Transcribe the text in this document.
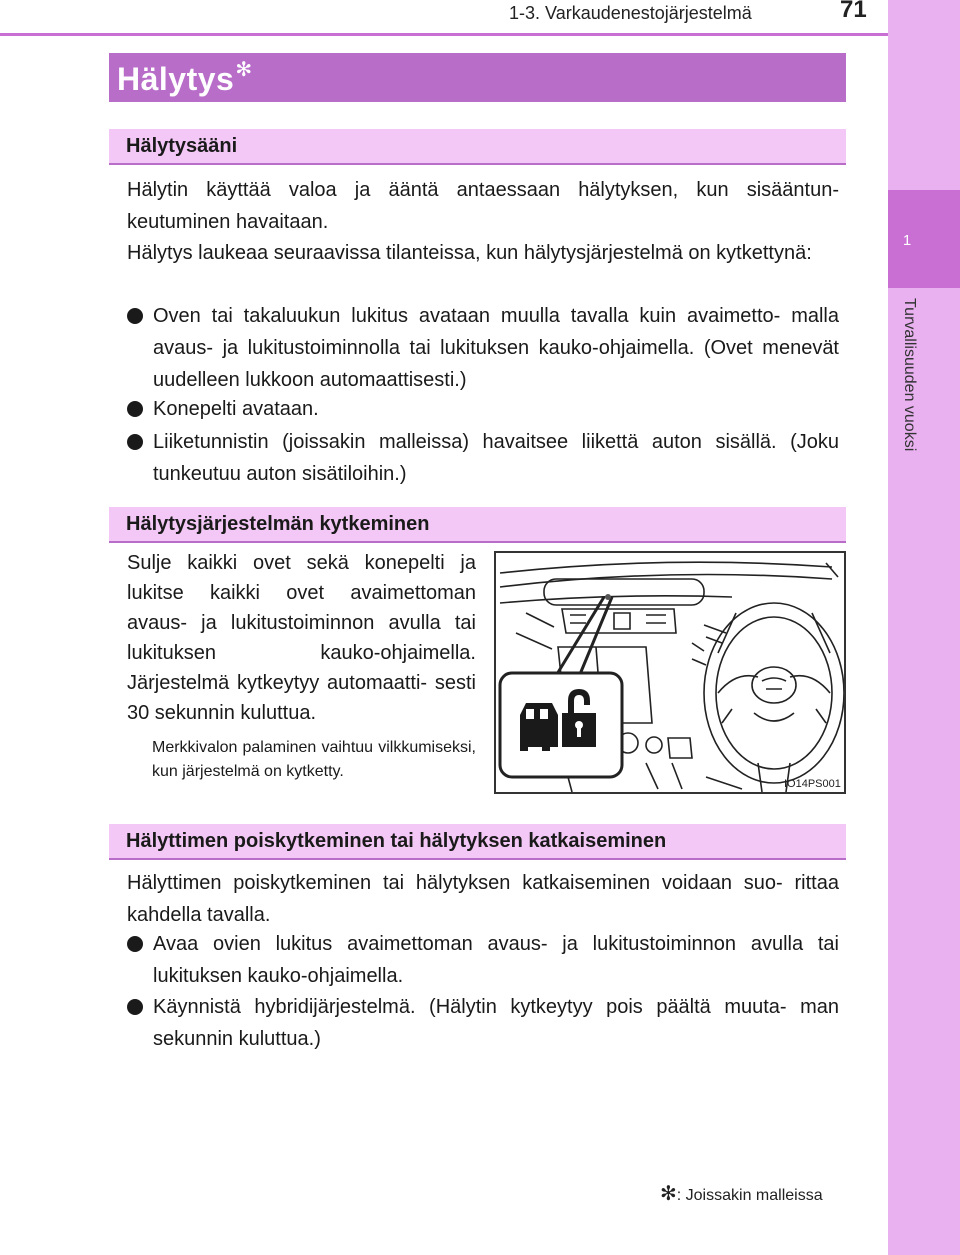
1
Turvallisuuden vuoksi
1-3. Varkaudenestojärjestelmä	71
Hälytys✻
Hälytysääni
Hälytin käyttää valoa ja ääntä antaessaan hälytyksen, kun sisääntun- keutuminen havaitaan.
Hälytys laukeaa seuraavissa tilanteissa, kun hälytysjärjestelmä on kytkettynä:
Oven tai takaluukun lukitus avataan muulla tavalla kuin avaimetto- malla avaus- ja lukitustoiminnolla tai lukituksen kauko-ohjaimella. (Ovet menevät uudelleen lukkoon automaattisesti.)
Konepelti avataan.
Liiketunnistin (joissakin malleissa) havaitsee liikettä auton sisällä. (Joku tunkeutuu auton sisätiloihin.)
Hälytysjärjestelmän kytkeminen
Sulje kaikki ovet sekä konepelti ja lukitse kaikki ovet avaimettoman avaus- ja lukitustoiminnon avulla tai lukituksen kauko-ohjaimella. Järjestelmä kytkeytyy automaatti- sesti 30 sekunnin kuluttua.
Merkkivalon palaminen vaihtuu vilkkumiseksi, kun järjestelmä on kytketty.
IO14PS001
Hälyttimen poiskytkeminen tai hälytyksen katkaiseminen
Hälyttimen poiskytkeminen tai hälytyksen katkaiseminen voidaan suo- rittaa kahdella tavalla.
Avaa ovien lukitus avaimettoman avaus- ja lukitustoiminnon avulla tai lukituksen kauko-ohjaimella.
Käynnistä hybridijärjestelmä. (Hälytin kytkeytyy pois päältä muuta- man sekunnin kuluttua.)
✻: Joissakin malleissa
